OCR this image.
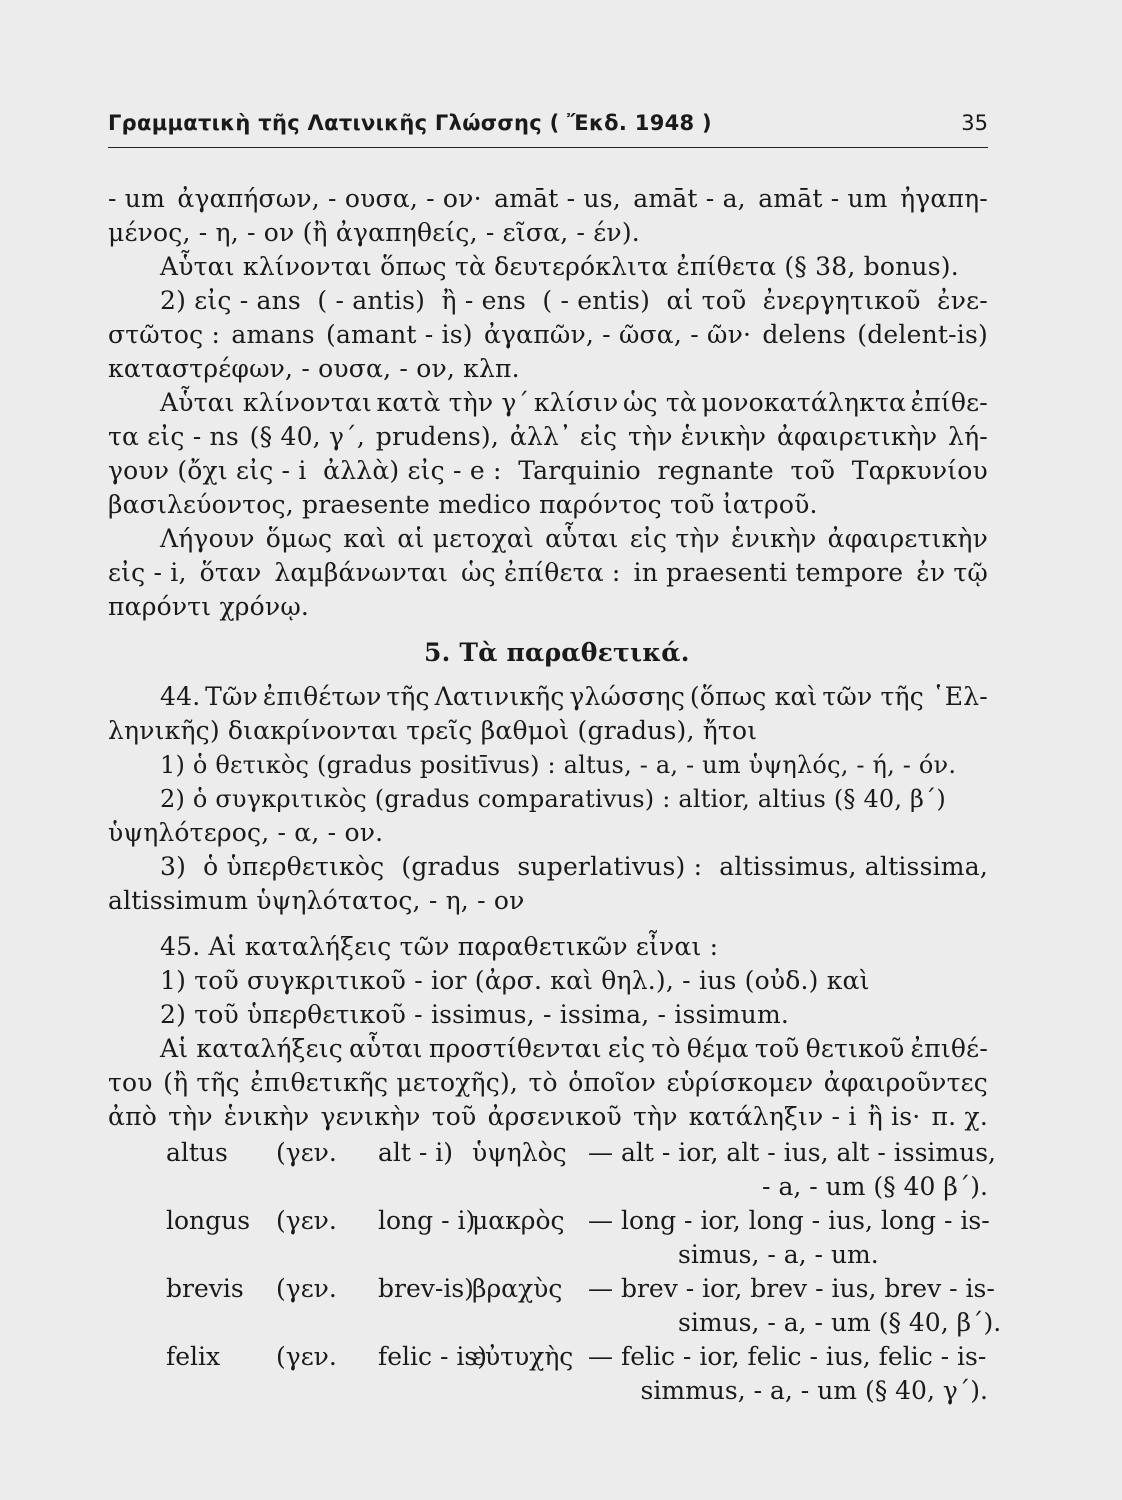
Γραμματικὴ τῆς Λατινικῆς Γλώσσης ( Ἔκδ. 1948 )	35
- um ἀγαπήσων, - ουσα, - ον· amāt - us, amāt - a, amāt - um ἠγαπη-
μένος, - η, - ον (ἢ ἀγαπηθείς, - εῖσα, - έν).
Αὗται κλίνονται ὅπως τὰ δευτερόκλιτα ἐπίθετα (§ 38, bonus).
2) εἰς - ans ( - antis) ἢ - ens ( - entis) αἱ τοῦ ἐνεργητικοῦ ἐνε-
στῶτος : amans (amant - is) ἀγαπῶν, - ῶσα, - ῶν· delens (delent-is)
καταστρέφων, - ουσα, - ον, κλπ.
Αὗται κλίνονται κατὰ τὴν γ΄ κλίσιν ὡς τὰ μονοκατάληκτα ἐπίθε-
τα εἰς - ns (§ 40, γ΄, prudens), ἀλλ᾿ εἰς τὴν ἑνικὴν ἀφαιρετικὴν λή-
γουν (ὄχι εἰς - i ἀλλὰ) εἰς - e : Tarquinio regnante τοῦ Ταρκυνίου
βασιλεύοντος, praesente medico παρόντος τοῦ ἰατροῦ.
Λήγουν ὅμως καὶ αἱ μετοχαὶ αὗται εἰς τὴν ἑνικὴν ἀφαιρετικὴν
εἰς - i, ὅταν λαμβάνωνται ὡς ἐπίθετα : in praesenti tempore ἐν τῷ
παρόντι χρόνῳ.
5. Τὰ παραθετικά.
44. Τῶν ἐπιθέτων τῆς Λατινικῆς γλώσσης (ὅπως καὶ τῶν τῆς ῾Ελ-
ληνικῆς) διακρίνονται τρεῖς βαθμοὶ (gradus), ἤτοι
1) ὁ θετικὸς (gradus positīvus) : altus, - a, - um ὑψηλός, - ή, - όν.
2) ὁ συγκριτικὸς (gradus comparativus) : altior, altius (§ 40, β΄)
ὑψηλότερος, - α, - ον.
3) ὁ ὑπερθετικὸς (gradus superlativus) : altissimus, altissima,
altissimum ὑψηλότατος, - η, - ον
45. Αἱ καταλήξεις τῶν παραθετικῶν εἶναι :
1) τοῦ συγκριτικοῦ - ior (ἀρσ. καὶ θηλ.), - ius (οὐδ.) καὶ
2) τοῦ ὑπερθετικοῦ - issimus, - issima, - issimum.
Αἱ καταλήξεις αὗται προστίθενται εἰς τὸ θέμα τοῦ θετικοῦ ἐπιθέ-
του (ἢ τῆς ἐπιθετικῆς μετοχῆς), τὸ ὁποῖον εὑρίσκομεν ἀφαιροῦντες
ἀπὸ τὴν ἑνικὴν γενικὴν τοῦ ἀρσενικοῦ τὴν κατάληξιν - i ἢ is· π. χ.
altus (γεν. alt - i) ὑψηλὸς — alt - ior, alt - ius, alt - issimus,
- a, - um (§ 40 β΄).
longus (γεν. long - i)
μακρὸς — long - ior, long - ius, long - is-
simus, - a, - um.
brevis (γεν. brev-is)
βραχὺς — brev - ior, brev - ius, brev - is-
simus, - a, - um (§ 40, β΄).
felix (γεν. felic - is)
εὐτυχὴς — felic - ior, felic - ius, felic - is-
simmus, - a, - um (§ 40, γ΄).
